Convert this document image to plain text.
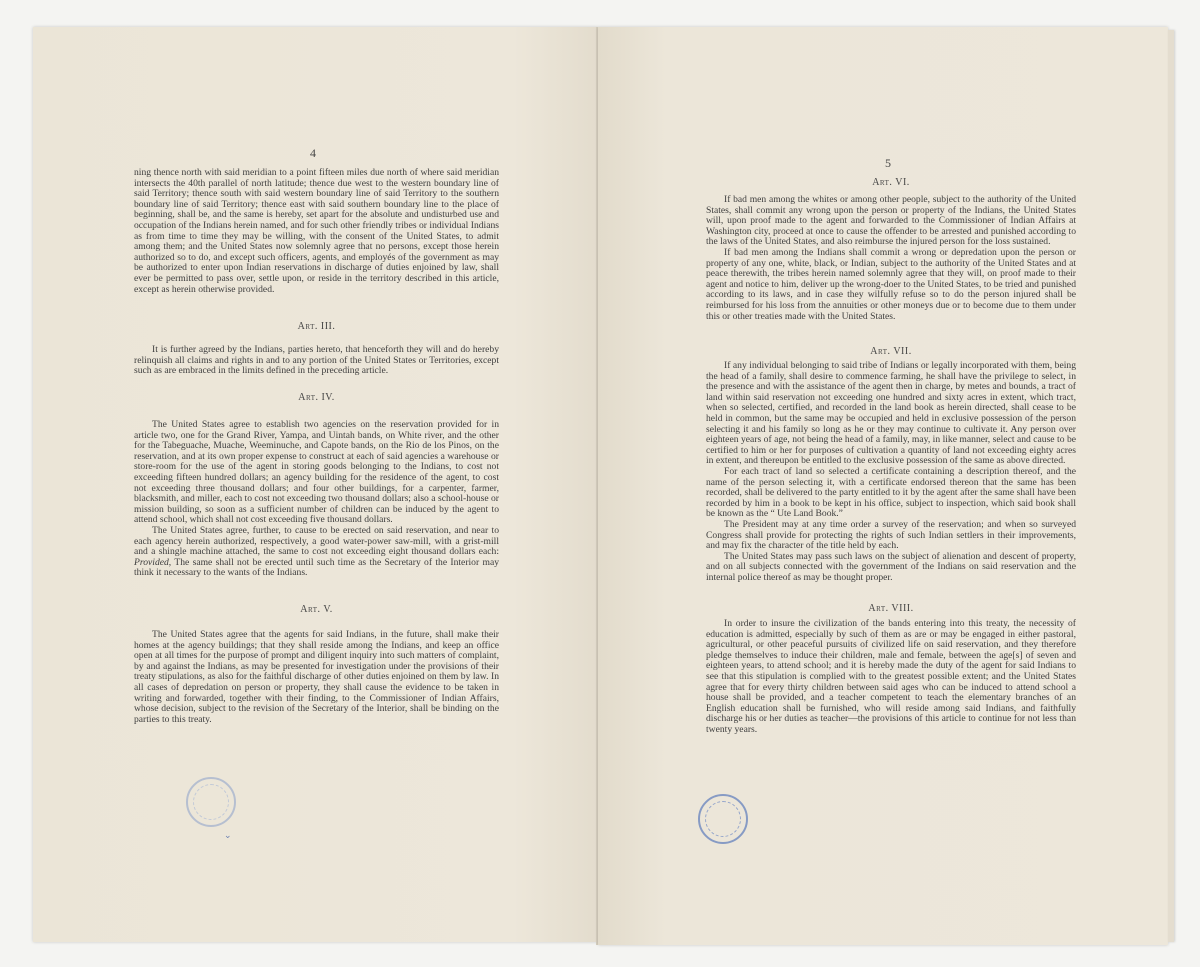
4

ning thence north with said meridian to a point fifteen miles due north of where said meridian intersects the 40th parallel of north latitude; thence due west to the western boundary line of said Territory; thence south with said western boundary line of said Territory to the southern boundary line of said Territory; thence east with said southern boundary line to the place of beginning, shall be, and the same is hereby, set apart for the absolute and undisturbed use and occupation of the Indians herein named, and for such other friendly tribes or individual Indians as from time to time they may be willing, with the consent of the United States, to admit among them; and the United States now solemnly agree that no persons, except those herein authorized so to do, and except such officers, agents, and employés of the government as may be authorized to enter upon Indian reservations in discharge of duties enjoined by law, shall ever be permitted to pass over, settle upon, or reside in the territory described in this article, except as herein otherwise provided.

Art. III.

It is further agreed by the Indians, parties hereto, that henceforth they will and do hereby relinquish all claims and rights in and to any portion of the United States or Territories, except such as are embraced in the limits defined in the preceding article.

Art. IV.

The United States agree to establish two agencies on the reservation provided for in article two, one for the Grand River, Yampa, and Uintah bands, on White river, and the other for the Tabeguache, Muache, Weeminuche, and Capote bands, on the Rio de los Pinos, on the reservation, and at its own proper expense to construct at each of said agencies a warehouse or store-room for the use of the agent in storing goods belonging to the Indians, to cost not exceeding fifteen hundred dollars; an agency building for the residence of the agent, to cost not exceeding three thousand dollars; and four other buildings, for a carpenter, farmer, blacksmith, and miller, each to cost not exceeding two thousand dollars; also a school-house or mission building, so soon as a sufficient number of children can be induced by the agent to attend school, which shall not cost exceeding five thousand dollars.

The United States agree, further, to cause to be erected on said reservation, and near to each agency herein authorized, respectively, a good water-power saw-mill, with a grist-mill and a shingle machine attached, the same to cost not exceeding eight thousand dollars each: Provided, The same shall not be erected until such time as the Secretary of the Interior may think it necessary to the wants of the Indians.

Art. V.

The United States agree that the agents for said Indians, in the future, shall make their homes at the agency buildings; that they shall reside among the Indians, and keep an office open at all times for the purpose of prompt and diligent inquiry into such matters of complaint, by and against the Indians, as may be presented for investigation under the provisions of their treaty stipulations, as also for the faithful discharge of other duties enjoined on them by law. In all cases of depredation on person or property, they shall cause the evidence to be taken in writing and forwarded, together with their finding, to the Commissioner of Indian Affairs, whose decision, subject to the revision of the Secretary of the Interior, shall be binding on the parties to this treaty.

⌄
5
Art. VI.

If bad men among the whites or among other people, subject to the authority of the United States, shall commit any wrong upon the person or property of the Indians, the United States will, upon proof made to the agent and forwarded to the Commissioner of Indian Affairs at Washington city, proceed at once to cause the offender to be arrested and punished according to the laws of the United States, and also reimburse the injured person for the loss sustained.

If bad men among the Indians shall commit a wrong or depredation upon the person or property of any one, white, black, or Indian, subject to the authority of the United States and at peace therewith, the tribes herein named solemnly agree that they will, on proof made to their agent and notice to him, deliver up the wrong-doer to the United States, to be tried and punished according to its laws, and in case they wilfully refuse so to do the person injured shall be reimbursed for his loss from the annuities or other moneys due or to become due to them under this or other treaties made with the United States.

Art. VII.

If any individual belonging to said tribe of Indians or legally incorporated with them, being the head of a family, shall desire to commence farming, he shall have the privilege to select, in the presence and with the assistance of the agent then in charge, by metes and bounds, a tract of land within said reservation not exceeding one hundred and sixty acres in extent, which tract, when so selected, certified, and recorded in the land book as herein directed, shall cease to be held in common, but the same may be occupied and held in exclusive possession of the person selecting it and his family so long as he or they may continue to cultivate it. Any person over eighteen years of age, not being the head of a family, may, in like manner, select and cause to be certified to him or her for purposes of cultivation a quantity of land not exceeding eighty acres in extent, and thereupon be entitled to the exclusive possession of the same as above directed.

For each tract of land so selected a certificate containing a description thereof, and the name of the person selecting it, with a certificate endorsed thereon that the same has been recorded, shall be delivered to the party entitled to it by the agent after the same shall have been recorded by him in a book to be kept in his office, subject to inspection, which said book shall be known as the “ Ute Land Book.”

The President may at any time order a survey of the reservation; and when so surveyed Congress shall provide for protecting the rights of such Indian settlers in their improvements, and may fix the character of the title held by each.

The United States may pass such laws on the subject of alienation and descent of property, and on all subjects connected with the government of the Indians on said reservation and the internal police thereof as may be thought proper.

Art. VIII.

In order to insure the civilization of the bands entering into this treaty, the necessity of education is admitted, especially by such of them as are or may be engaged in either pastoral, agricultural, or other peaceful pursuits of civilized life on said reservation, and they therefore pledge themselves to induce their children, male and female, between the age[s] of seven and eighteen years, to attend school; and it is hereby made the duty of the agent for said Indians to see that this stipulation is complied with to the greatest possible extent; and the United States agree that for every thirty children between said ages who can be induced to attend school a house shall be provided, and a teacher competent to teach the elementary branches of an English education shall be furnished, who will reside among said Indians, and faithfully discharge his or her duties as teacher—the provisions of this article to continue for not less than twenty years.
